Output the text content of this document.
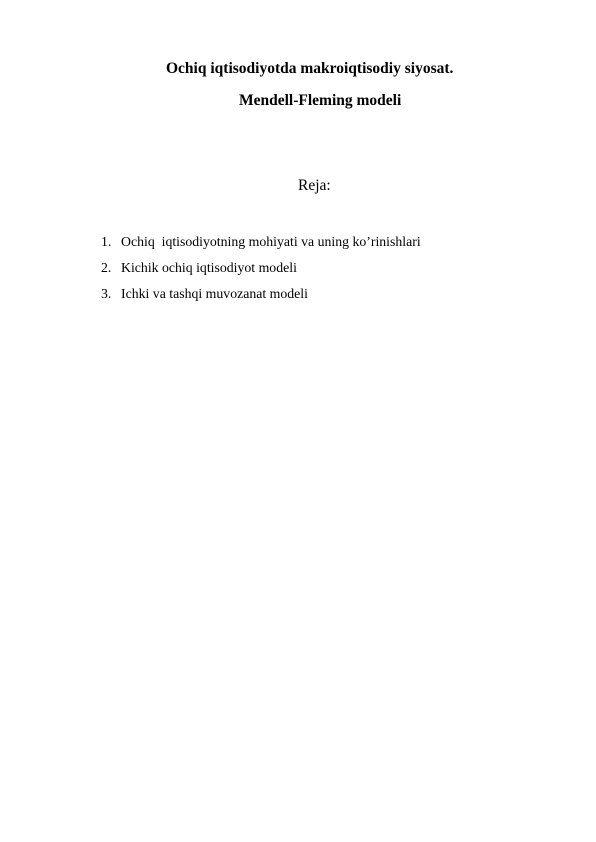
Ochiq iqtisodiyotda makroiqtisodiy siyosat.
Mendell-Fleming modeli
Reja:
1. Ochiq  iqtisodiyotning mohiyati va uning ko’rinishlari
2. Kichik ochiq iqtisodiyot modeli
3. Ichki va tashqi muvozanat modeli
